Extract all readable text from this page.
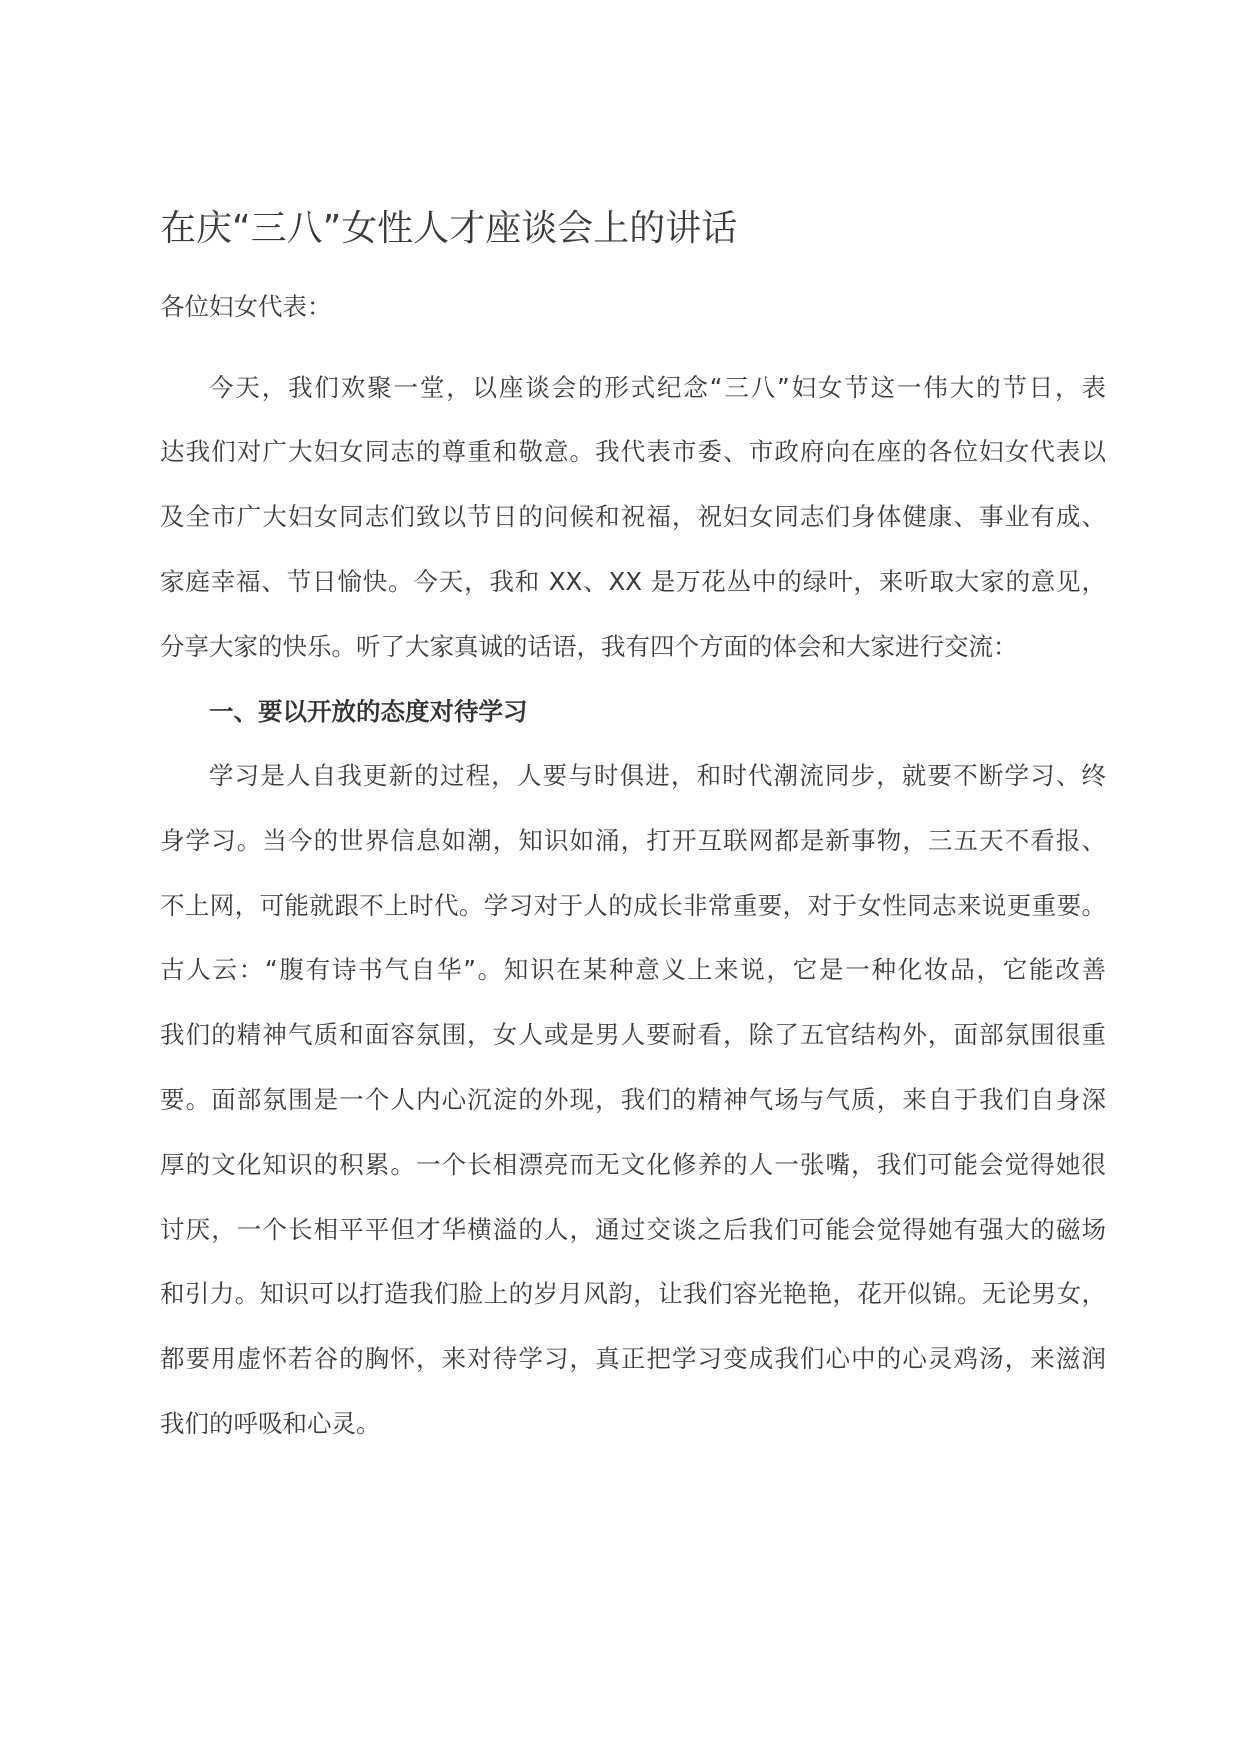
在庆“三八”女性人才座谈会上的讲话
各位妇女代表：
今天，我们欢聚一堂，以座谈会的形式纪念“三八”妇女节这一伟大的节日，表
达我们对广大妇女同志的尊重和敬意。我代表市委、市政府向在座的各位妇女代表以
及全市广大妇女同志们致以节日的问候和祝福，祝妇女同志们身体健康、事业有成、
家庭幸福、节日愉快。今天，我和 XX、XX 是万花丛中的绿叶，来听取大家的意见，
分享大家的快乐。听了大家真诚的话语，我有四个方面的体会和大家进行交流：
一、要以开放的态度对待学习
学习是人自我更新的过程，人要与时俱进，和时代潮流同步，就要不断学习、终
身学习。当今的世界信息如潮，知识如涌，打开互联网都是新事物，三五天不看报、
不上网，可能就跟不上时代。学习对于人的成长非常重要，对于女性同志来说更重要。
古人云：“腹有诗书气自华”。知识在某种意义上来说，它是一种化妆品，它能改善
我们的精神气质和面容氛围，女人或是男人要耐看，除了五官结构外，面部氛围很重
要。面部氛围是一个人内心沉淀的外现，我们的精神气场与气质，来自于我们自身深
厚的文化知识的积累。一个长相漂亮而无文化修养的人一张嘴，我们可能会觉得她很
讨厌，一个长相平平但才华横溢的人，通过交谈之后我们可能会觉得她有强大的磁场
和引力。知识可以打造我们脸上的岁月风韵，让我们容光艳艳，花开似锦。无论男女，
都要用虚怀若谷的胸怀，来对待学习，真正把学习变成我们心中的心灵鸡汤，来滋润
我们的呼吸和心灵。
